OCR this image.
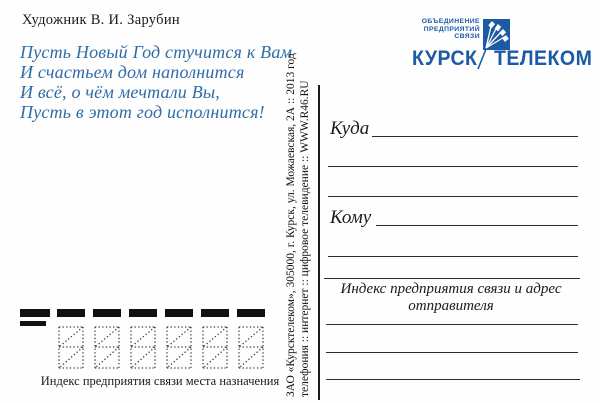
Художник В. И. Зарубин
Пусть Новый Год стучится к Вам
И счастьем дом наполнится
И всё, о чём мечтали Вы,
Пусть в этот год исполнится!	ЗАО «Курсктелеком», 305000, г. Курск, ул. Можаевская, 2А :: 2013 год телефония :: интернет :: цифровое телевидение :: WWW.R46.RU
ОБЪЕДИНЕНИЕ
ПРЕДПРИЯТИЙ
СВЯЗИ
КУРСК ТЕЛЕКОМ
Куда
Кому
Индекс предприятия связи и адрес
отправителя
Индекс предприятия связи места назначения
